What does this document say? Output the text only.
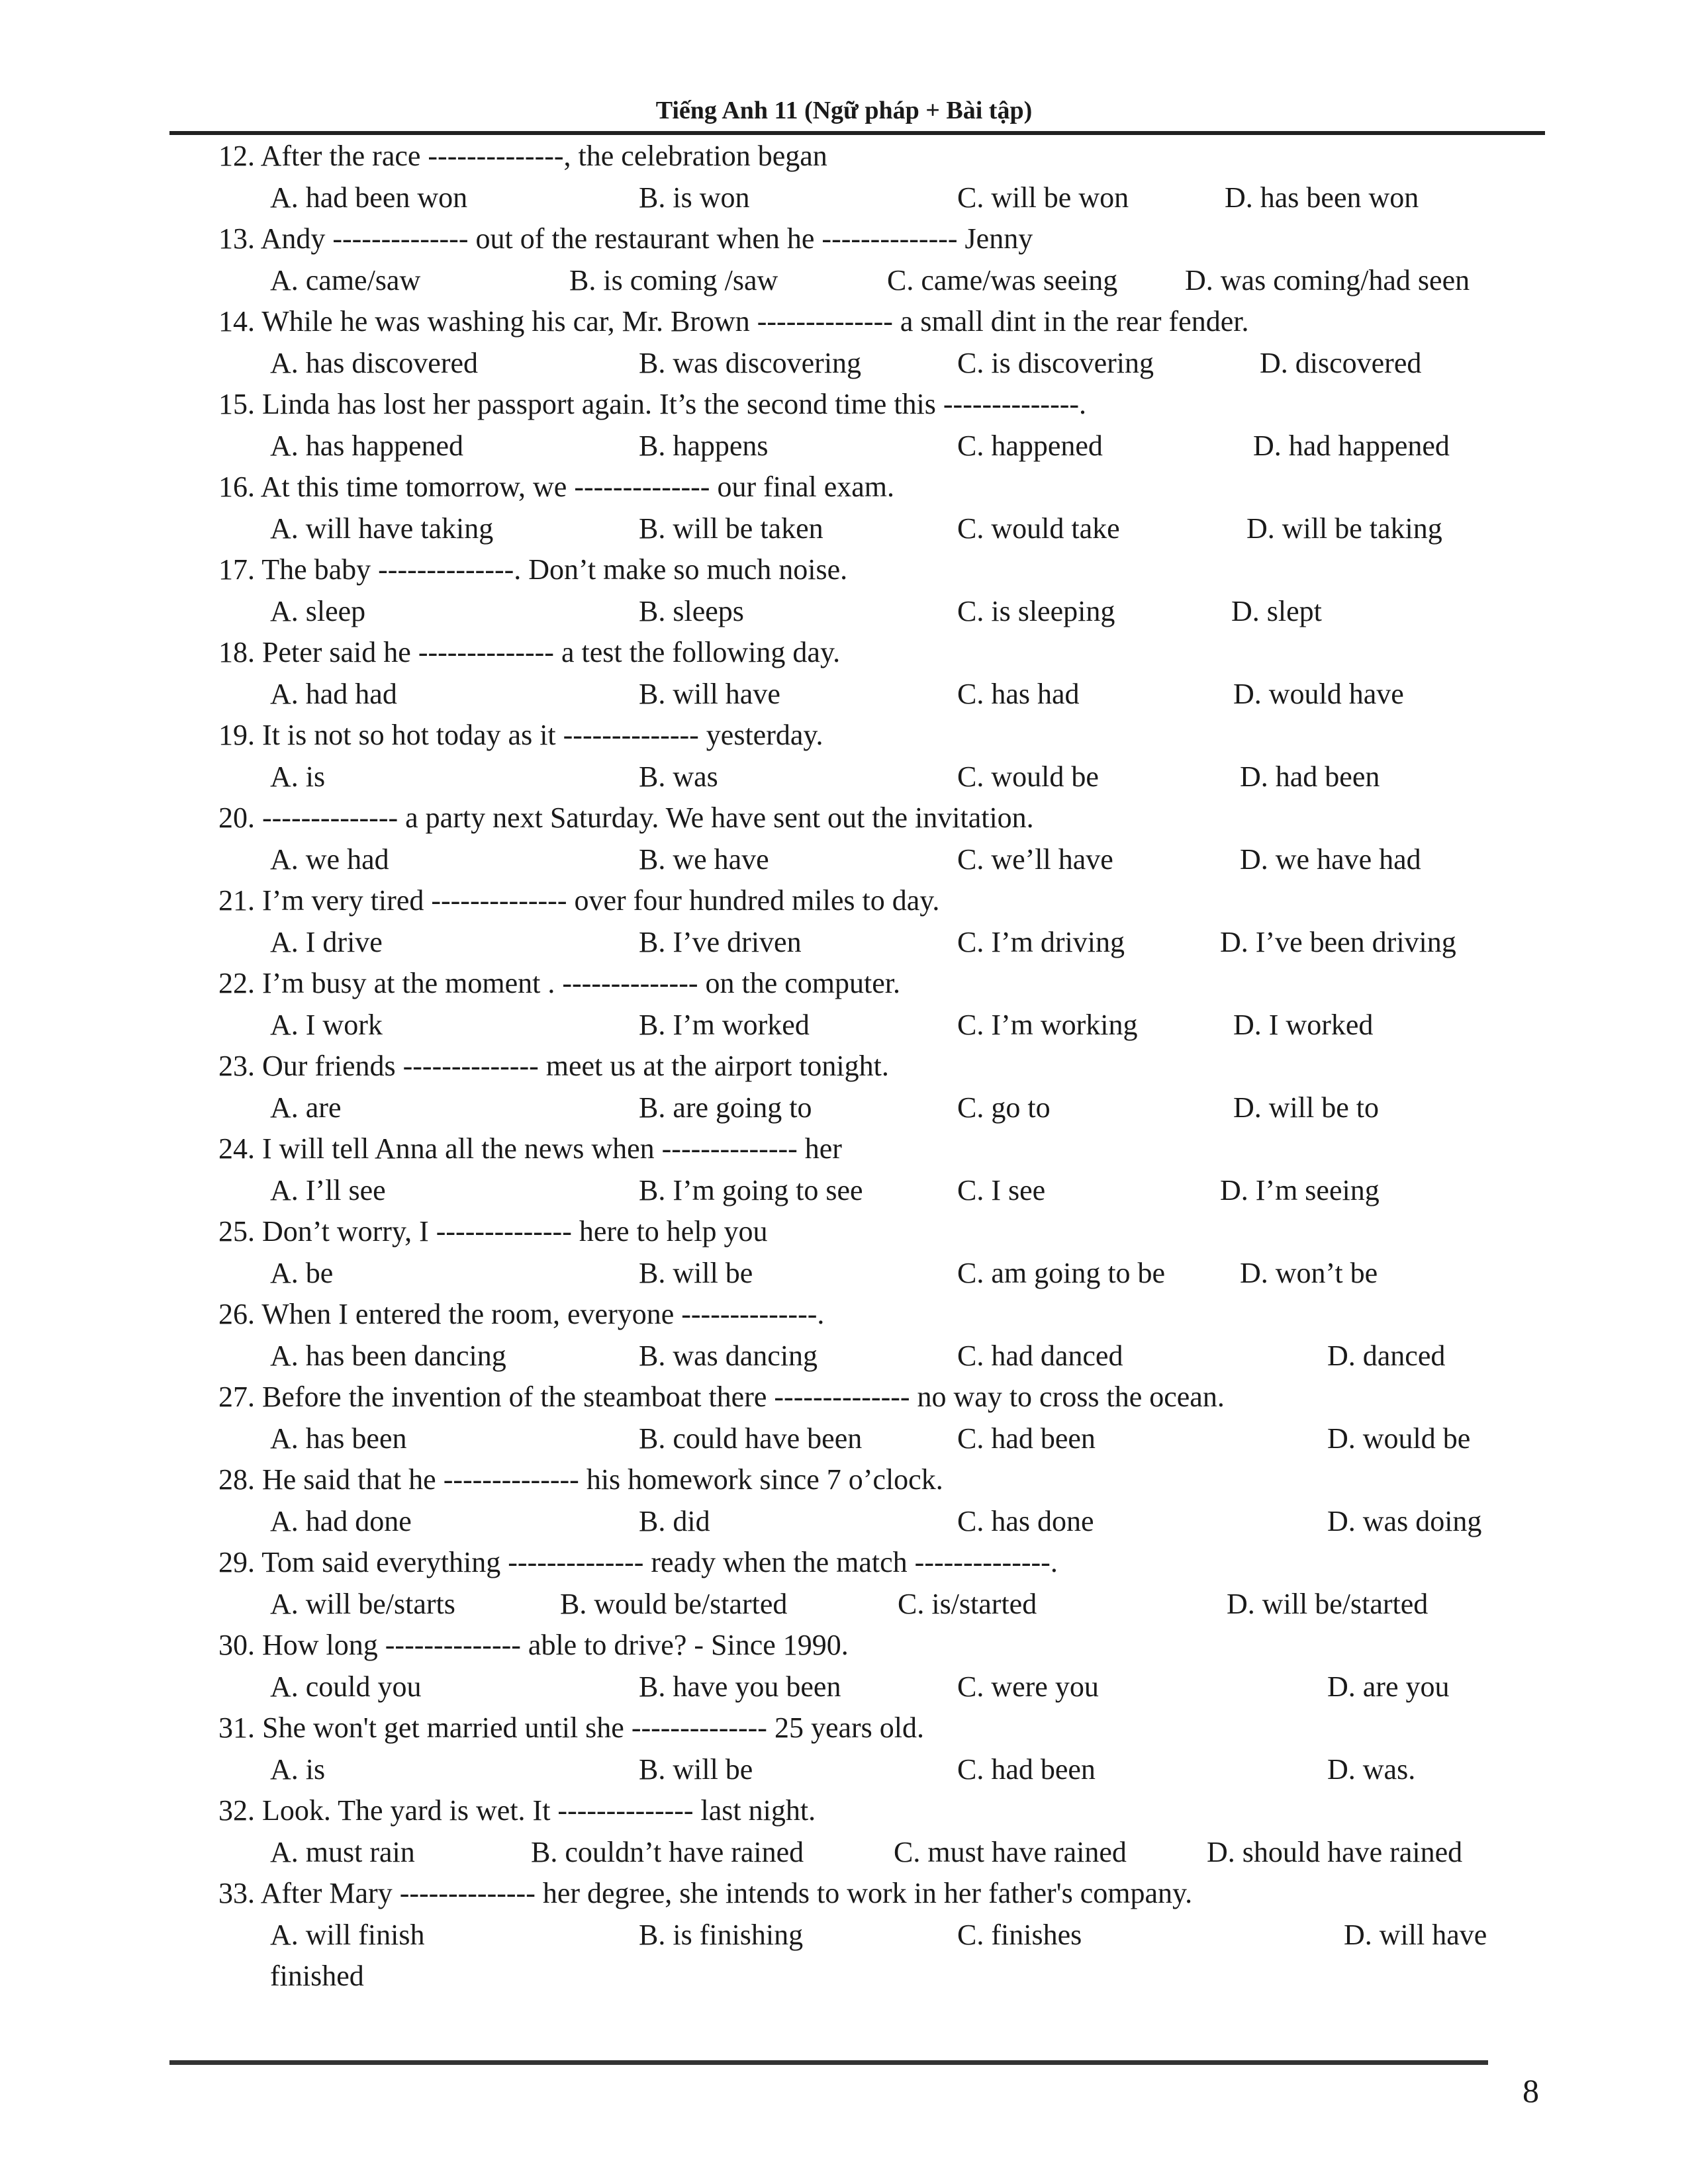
Tiếng Anh 11 (Ngữ pháp + Bài tập)
12. After the race --------------, the celebration began
A. had been won	B. is won	C. will be won	D. has been won
13. Andy -------------- out of the restaurant when he -------------- Jenny
A. came/saw	B. is coming /saw	C. came/was seeing D. was coming/had seen
14. While he was washing his car, Mr. Brown -------------- a small dint in the rear fender.
A. has discovered	B. was discovering	C. is discovering	D. discovered
15. Linda has lost her passport again. It’s the second time this --------------.
A. has happened	B. happens	C. happened	D. had happened
16. At this time tomorrow, we -------------- our final exam.
A. will have taking	B. will be taken	C. would take	D. will be taking
17. The baby --------------. Don’t make so much noise.
A. sleep	B. sleeps	C. is sleeping	D. slept
18. Peter said he -------------- a test the following day.
A. had had	B. will have	C. has had	D. would have
19. It is not so hot today as it -------------- yesterday.
A. is	B. was	C. would be	D. had been
20. -------------- a party next Saturday. We have sent out the invitation.
A. we had	B. we have	C. we’ll have	D. we have had
21. I’m very tired -------------- over four hundred miles to day.
A. I drive	B. I’ve driven	C. I’m driving	D. I’ve been driving
22. I’m busy at the moment . -------------- on the computer.
A. I work	B. I’m worked	C. I’m working	D. I worked
23. Our friends -------------- meet us at the airport tonight.
A. are	B. are going to	C. go to	D. will be to
24. I will tell Anna all the news when -------------- her
A. I’ll see	B. I’m going to see	C. I see	D. I’m seeing
25. Don’t worry, I -------------- here to help you
A. be	B. will be	C. am going to be	D. won’t be
26. When I entered the room, everyone --------------.
A. has been dancing	B. was dancing	C. had danced	D. danced
27. Before the invention of the steamboat there -------------- no way to cross the ocean.
A. has been	B. could have been	C. had been	D. would be
28. He said that he -------------- his homework since 7 o’clock.
A. had done	B. did	C. has done	D. was doing
29. Tom said everything -------------- ready when the match --------------.
A. will be/starts	B. would be/started	C. is/started	D. will be/started
30. How long -------------- able to drive? - Since 1990.
A. could you	B. have you been	C. were you	D. are you
31. She won't get married until she -------------- 25 years old.
A. is	B. will be	C. had been	D. was.
32. Look. The yard is wet. It -------------- last night.
A. must rain	B. couldn’t have rained	C. must have rained	D. should have rained
33. After Mary -------------- her degree, she intends to work in her father's company.
A. will finish	B. is finishing	C. finishes	D. will have
finished
8
